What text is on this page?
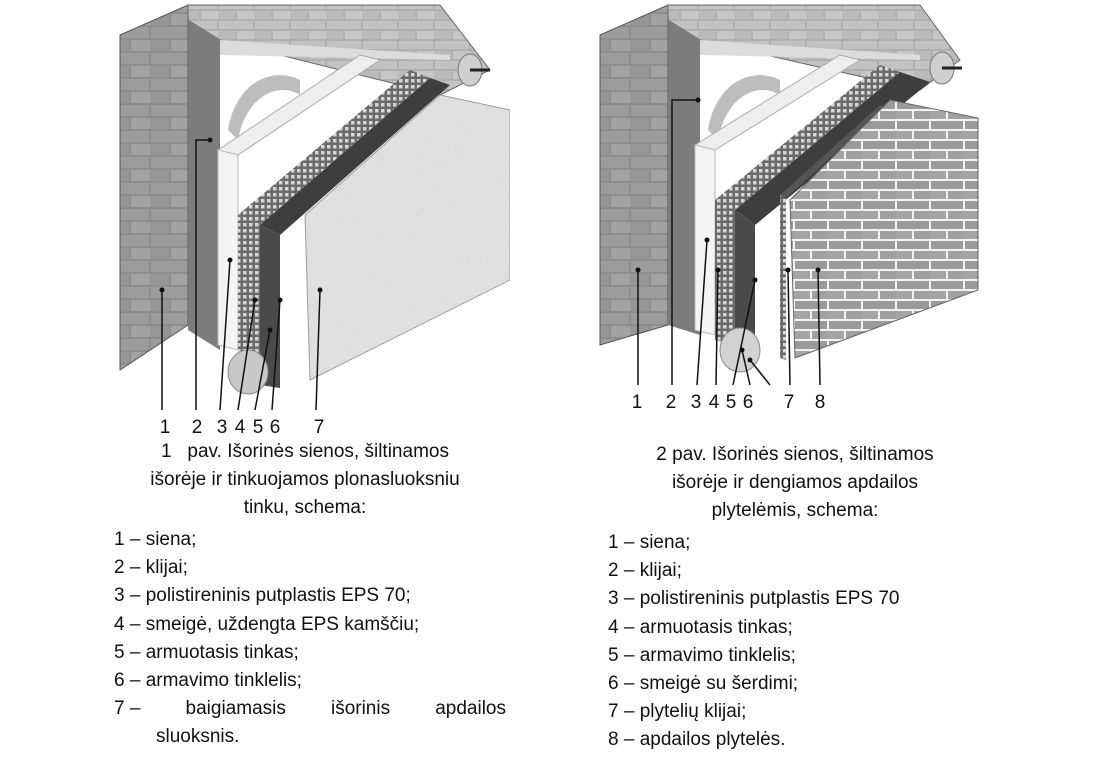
1 2 3 4 5 6 7
1 2 3 4 5 6 7 8
1   pav. Išorinės sienos, šiltinamos
išorėje ir tinkuojamos plonasluoksniu
tinku, schema:
2 pav. Išorinės sienos, šiltinamos
išorėje ir dengiamos apdailos
plytelėmis, schema:
1 – siena;
2 – klijai;
3 – polistireninis putplastis EPS 70;
4 – smeigė, uždengta EPS kamščiu;
5 – armuotasis tinkas;
6 – armavimo tinklelis;
7 – baigiamasis išorinis apdailos
sluoksnis.
1 – siena;
2 – klijai;
3 – polistireninis putplastis EPS 70
4 – armuotasis tinkas;
5 – armavimo tinklelis;
6 – smeigė su šerdimi;
7 – plytelių klijai;
8 – apdailos plytelės.
